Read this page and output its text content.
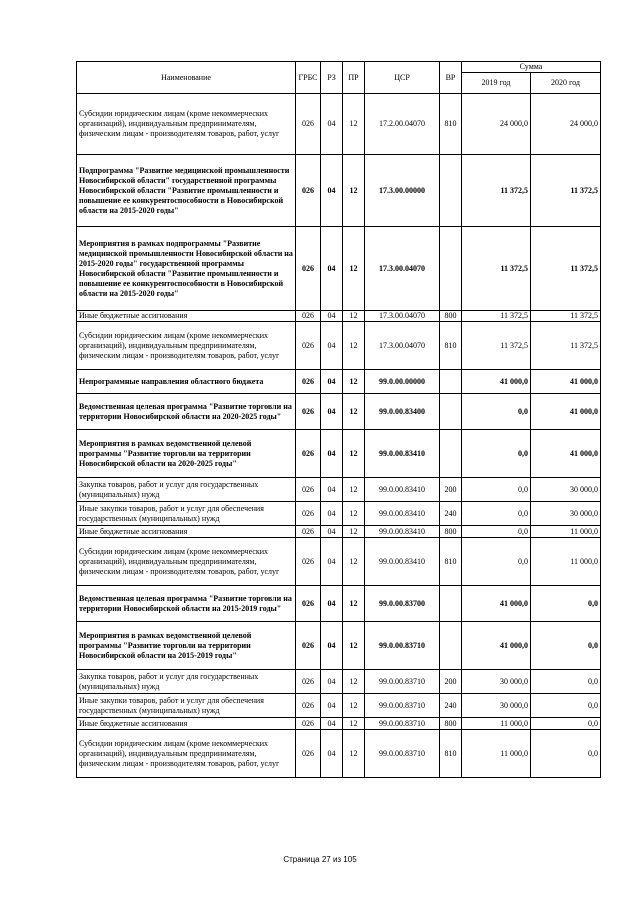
Наименование	ГРБС	РЗ	ПР	ЦСР	ВР	Сумма	
						2019 год	2020 год
Субсидии юридическим лицам (кроме некоммерческих организаций), индивидуальным предпринимателям, физическим лицам - производителям товаров, работ, услуг	026	04	12	17.2.00.04070	810	24 000,0	24 000,0
Подпрограмма "Развитие медицинской промышленности Новосибирской области" государственной программы Новосибирской области "Развитие промышленности и повышение ее конкурентоспособности в Новосибирской области на 2015-2020 годы"	026	04	12	17.3.00.00000		11 372,5	11 372,5
Мероприятия в рамках подпрограммы "Развитие медицинской промышленности Новосибирской области на 2015-2020 годы" государственной программы Новосибирской области "Развитие промышленности и повышение ее конкурентоспособности в Новосибирской области на 2015-2020 годы"	026	04	12	17.3.00.04070		11 372,5	11 372,5
Иные бюджетные ассигнования	026	04	12	17.3.00.04070	800	11 372,5	11 372,5
Субсидии юридическим лицам (кроме некоммерческих организаций), индивидуальным предпринимателям, физическим лицам - производителям товаров, работ, услуг	026	04	12	17.3.00.04070	810	11 372,5	11 372,5
Непрограммные направления областного бюджета	026	04	12	99.0.00.00000		41 000,0	41 000,0
Ведомственная целевая программа "Развитие торговли на территории Новосибирской области на 2020-2025 годы"	026	04	12	99.0.00.83400		0,0	41 000,0
Мероприятия в рамках ведомственной целевой программы "Развитие торговли на территории Новосибирской области на 2020-2025 годы"	026	04	12	99.0.00.83410		0,0	41 000,0
Закупка товаров, работ и услуг для государственных (муниципальных) нужд	026	04	12	99.0.00.83410	200	0,0	30 000,0
Иные закупки товаров, работ и услуг для обеспечения государственных (муниципальных) нужд	026	04	12	99.0.00.83410	240	0,0	30 000,0
Иные бюджетные ассигнования	026	04	12	99.0.00.83410	800	0,0	11 000,0
Субсидии юридическим лицам (кроме некоммерческих организаций), индивидуальным предпринимателям, физическим лицам - производителям товаров, работ, услуг	026	04	12	99.0.00.83410	810	0,0	11 000,0
Ведомственная целевая программа "Развитие торговли на территории Новосибирской области на 2015-2019 годы"	026	04	12	99.0.00.83700		41 000,0	0,0
Мероприятия в рамках ведомственной целевой программы "Развитие торговли на территории Новосибирской области на 2015-2019 годы"	026	04	12	99.0.00.83710		41 000,0	0,0
Закупка товаров, работ и услуг для государственных (муниципальных) нужд	026	04	12	99.0.00.83710	200	30 000,0	0,0
Иные закупки товаров, работ и услуг для обеспечения государственных (муниципальных) нужд	026	04	12	99.0.00.83710	240	30 000,0	0,0
Иные бюджетные ассигнования	026	04	12	99.0.00.83710	800	11 000,0	0,0
Субсидии юридическим лицам (кроме некоммерческих организаций), индивидуальным предпринимателям, физическим лицам - производителям товаров, работ, услуг	026	04	12	99.0.00.83710	810	11 000,0	0,0
Страница 27 из 105
